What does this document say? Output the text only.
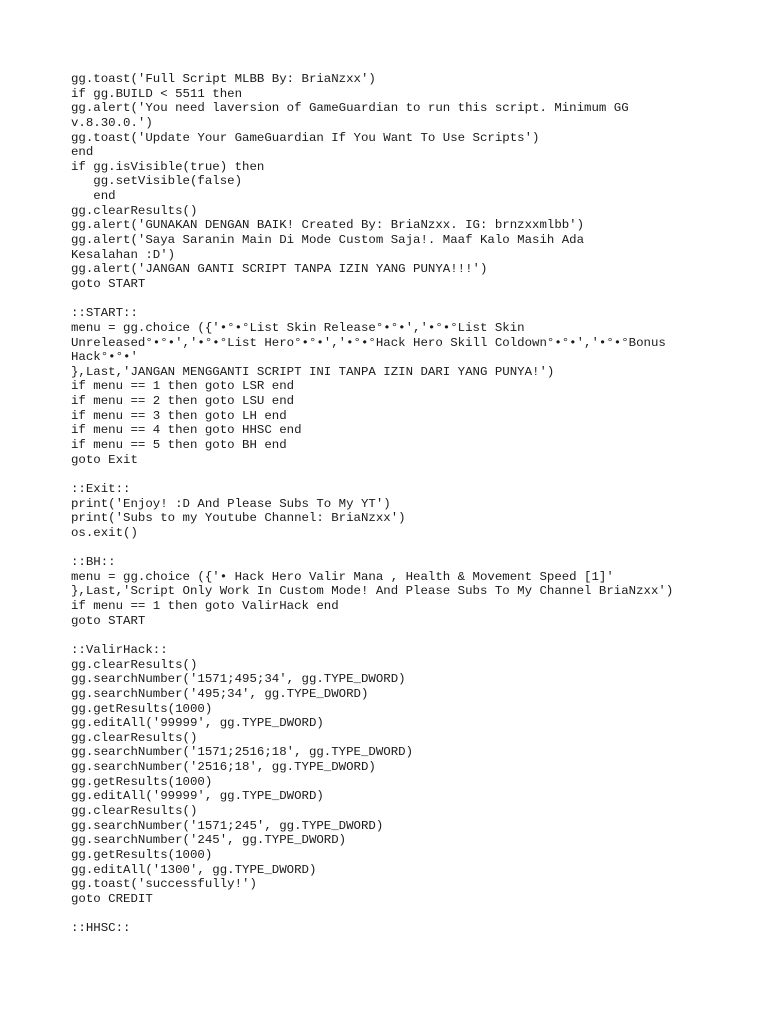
gg.toast('Full Script MLBB By: BriaNzxx')
if gg.BUILD < 5511 then
gg.alert('You need laversion of GameGuardian to run this script. Minimum GG
v.8.30.0.')
gg.toast('Update Your GameGuardian If You Want To Use Scripts')
end
if gg.isVisible(true) then
gg.setVisible(false)
end
gg.clearResults()
gg.alert('GUNAKAN DENGAN BAIK! Created By: BriaNzxx. IG: brnzxxmlbb')
gg.alert('Saya Saranin Main Di Mode Custom Saja!. Maaf Kalo Masih Ada
Kesalahan :D')
gg.alert('JANGAN GANTI SCRIPT TANPA IZIN YANG PUNYA!!!')
goto START
::START::
menu = gg.choice ({'•°•°List Skin Release°•°•','•°•°List Skin
Unreleased°•°•','•°•°List Hero°•°•','•°•°Hack Hero Skill Coldown°•°•','•°•°Bonus
Hack°•°•'
},Last,'JANGAN MENGGANTI SCRIPT INI TANPA IZIN DARI YANG PUNYA!')
if menu == 1 then goto LSR end
if menu == 2 then goto LSU end
if menu == 3 then goto LH end
if menu == 4 then goto HHSC end
if menu == 5 then goto BH end
goto Exit
::Exit::
print('Enjoy! :D And Please Subs To My YT')
print('Subs to my Youtube Channel: BriaNzxx')
os.exit()
::BH::
menu = gg.choice ({'• Hack Hero Valir Mana , Health & Movement Speed [1]'
},Last,'Script Only Work In Custom Mode! And Please Subs To My Channel BriaNzxx')
if menu == 1 then goto ValirHack end
goto START
::ValirHack::
gg.clearResults()
gg.searchNumber('1571;495;34', gg.TYPE_DWORD)
gg.searchNumber('495;34', gg.TYPE_DWORD)
gg.getResults(1000)
gg.editAll('99999', gg.TYPE_DWORD)
gg.clearResults()
gg.searchNumber('1571;2516;18', gg.TYPE_DWORD)
gg.searchNumber('2516;18', gg.TYPE_DWORD)
gg.getResults(1000)
gg.editAll('99999', gg.TYPE_DWORD)
gg.clearResults()
gg.searchNumber('1571;245', gg.TYPE_DWORD)
gg.searchNumber('245', gg.TYPE_DWORD)
gg.getResults(1000)
gg.editAll('1300', gg.TYPE_DWORD)
gg.toast('successfully!')
goto CREDIT
::HHSC::
